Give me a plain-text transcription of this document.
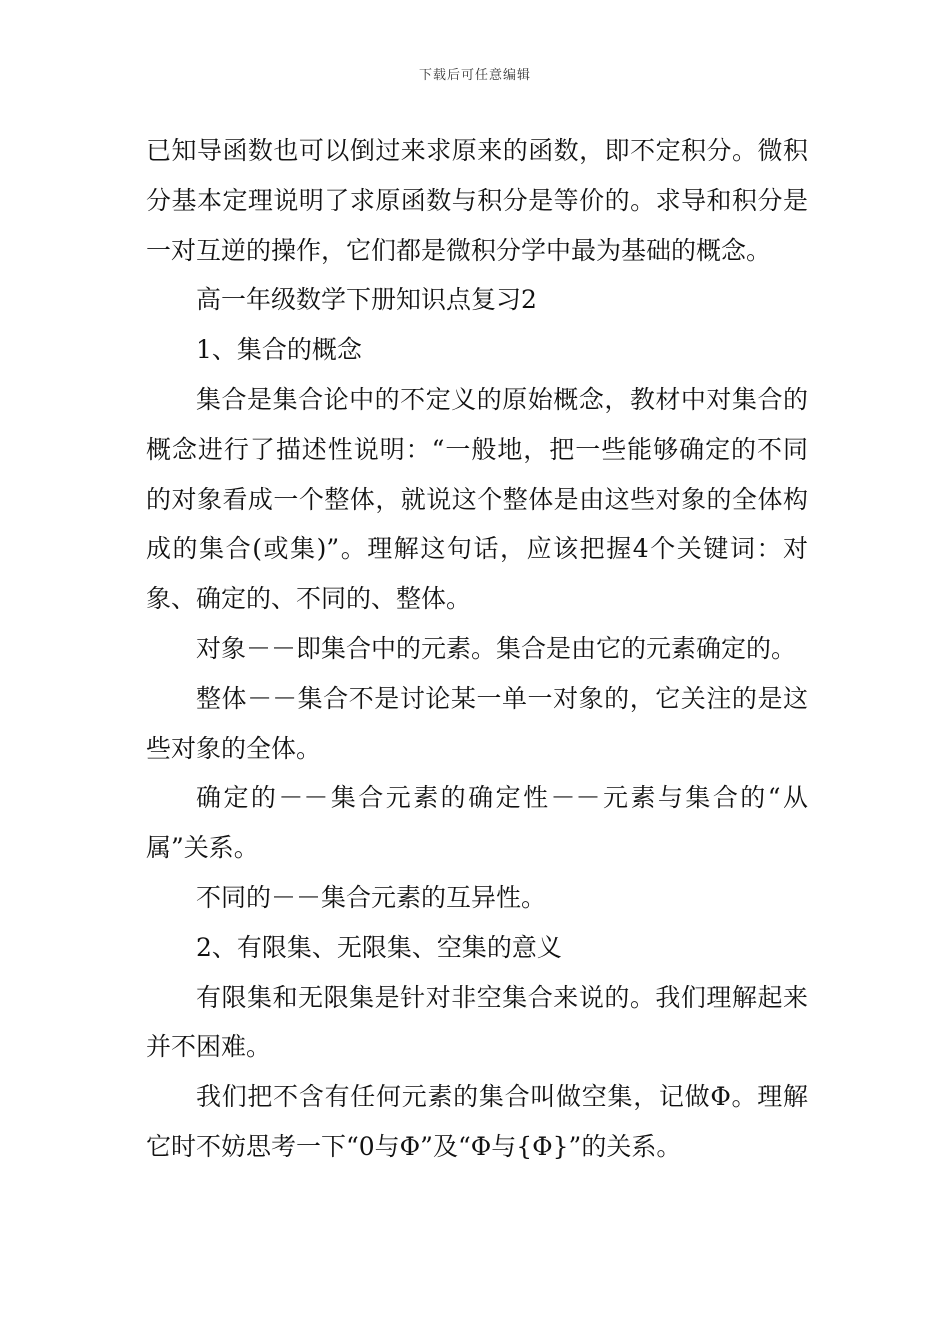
下载后可任意编辑

已知导函数也可以倒过来求原来的函数，即不定积分。微积分基本定理说明了求原函数与积分是等价的。求导和积分是一对互逆的操作，它们都是微积分学中最为基础的概念。

高一年级数学下册知识点复习2

1、集合的概念

集合是集合论中的不定义的原始概念，教材中对集合的概念进行了描述性说明：“一般地，把一些能够确定的不同的对象看成一个整体，就说这个整体是由这些对象的全体构成的集合(或集)”。理解这句话，应该把握4个关键词：对象、确定的、不同的、整体。

对象－－即集合中的元素。集合是由它的元素确定的。

整体－－集合不是讨论某一单一对象的，它关注的是这些对象的全体。

确定的－－集合元素的确定性－－元素与集合的“从属”关系。

不同的－－集合元素的互异性。

2、有限集、无限集、空集的意义

有限集和无限集是针对非空集合来说的。我们理解起来并不困难。

我们把不含有任何元素的集合叫做空集，记做Φ。理解它时不妨思考一下“0与Φ”及“Φ与{Φ}”的关系。
